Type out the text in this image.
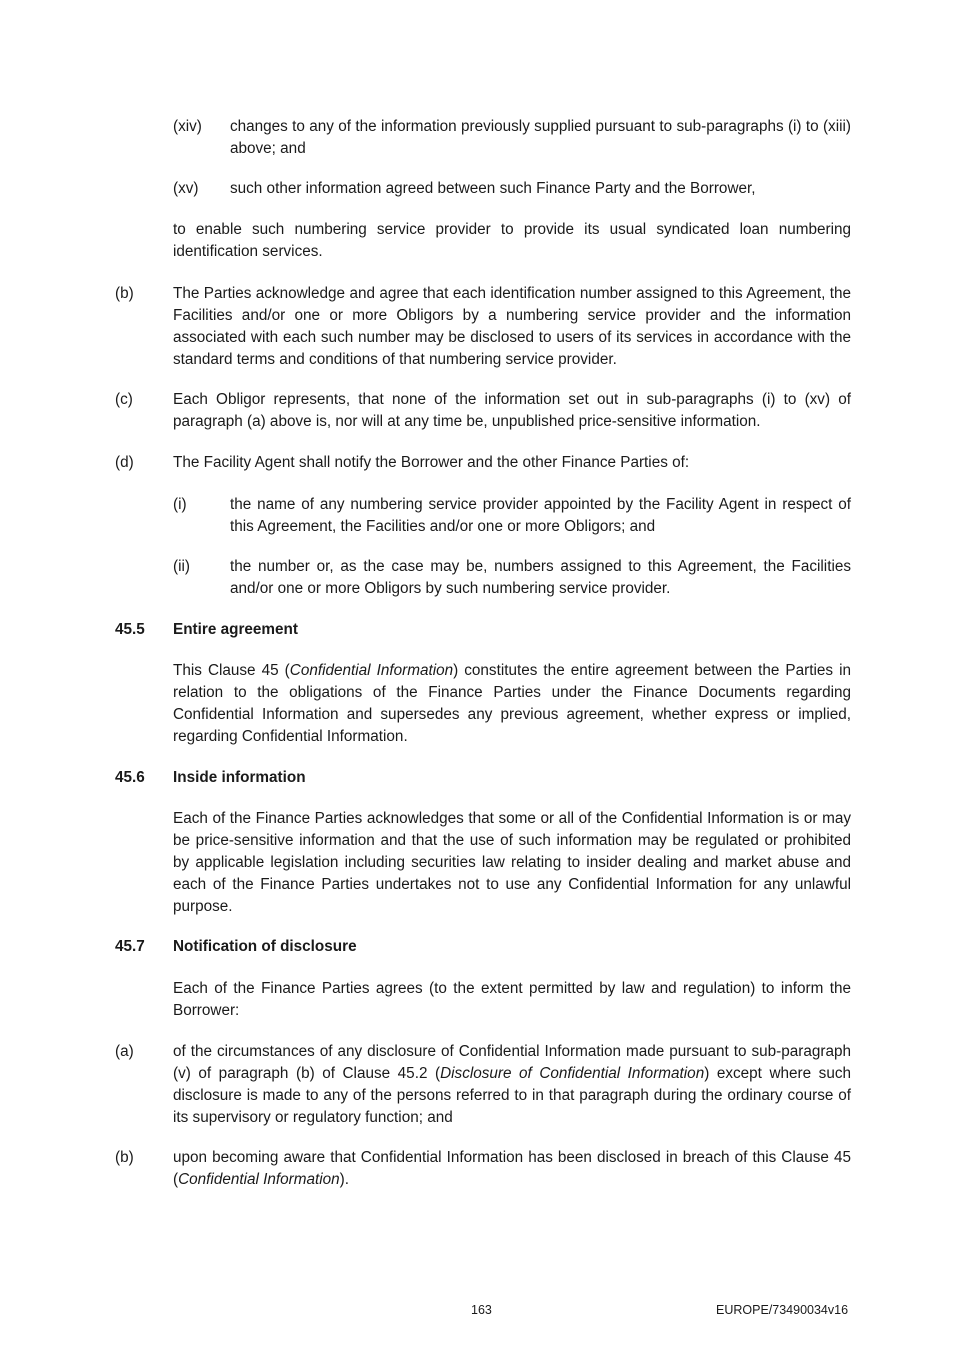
(xiv) changes to any of the information previously supplied pursuant to sub-paragraphs (i) to (xiii) above; and
(xv) such other information agreed between such Finance Party and the Borrower,
to enable such numbering service provider to provide its usual syndicated loan numbering identification services.
(b)	The Parties acknowledge and agree that each identification number assigned to this Agreement, the Facilities and/or one or more Obligors by a numbering service provider and the information associated with each such number may be disclosed to users of its services in accordance with the standard terms and conditions of that numbering service provider.
(c)	Each Obligor represents, that none of the information set out in sub-paragraphs (i) to (xv) of paragraph (a) above is, nor will at any time be, unpublished price-sensitive information.
(d)	The Facility Agent shall notify the Borrower and the other Finance Parties of:
(i)	the name of any numbering service provider appointed by the Facility Agent in respect of this Agreement, the Facilities and/or one or more Obligors; and
(ii)	the number or, as the case may be, numbers assigned to this Agreement, the Facilities and/or one or more Obligors by such numbering service provider.
45.5 Entire agreement
This Clause 45 (Confidential Information) constitutes the entire agreement between the Parties in relation to the obligations of the Finance Parties under the Finance Documents regarding Confidential Information and supersedes any previous agreement, whether express or implied, regarding Confidential Information.
45.6 Inside information
Each of the Finance Parties acknowledges that some or all of the Confidential Information is or may be price-sensitive information and that the use of such information may be regulated or prohibited by applicable legislation including securities law relating to insider dealing and market abuse and each of the Finance Parties undertakes not to use any Confidential Information for any unlawful purpose.
45.7 Notification of disclosure
Each of the Finance Parties agrees (to the extent permitted by law and regulation) to inform the Borrower:
(a)	of the circumstances of any disclosure of Confidential Information made pursuant to sub-paragraph (v) of paragraph (b) of Clause 45.2 (Disclosure of Confidential Information) except where such disclosure is made to any of the persons referred to in that paragraph during the ordinary course of its supervisory or regulatory function; and
(b)	upon becoming aware that Confidential Information has been disclosed in breach of this Clause 45 (Confidential Information).
163	EUROPE/73490034v16
